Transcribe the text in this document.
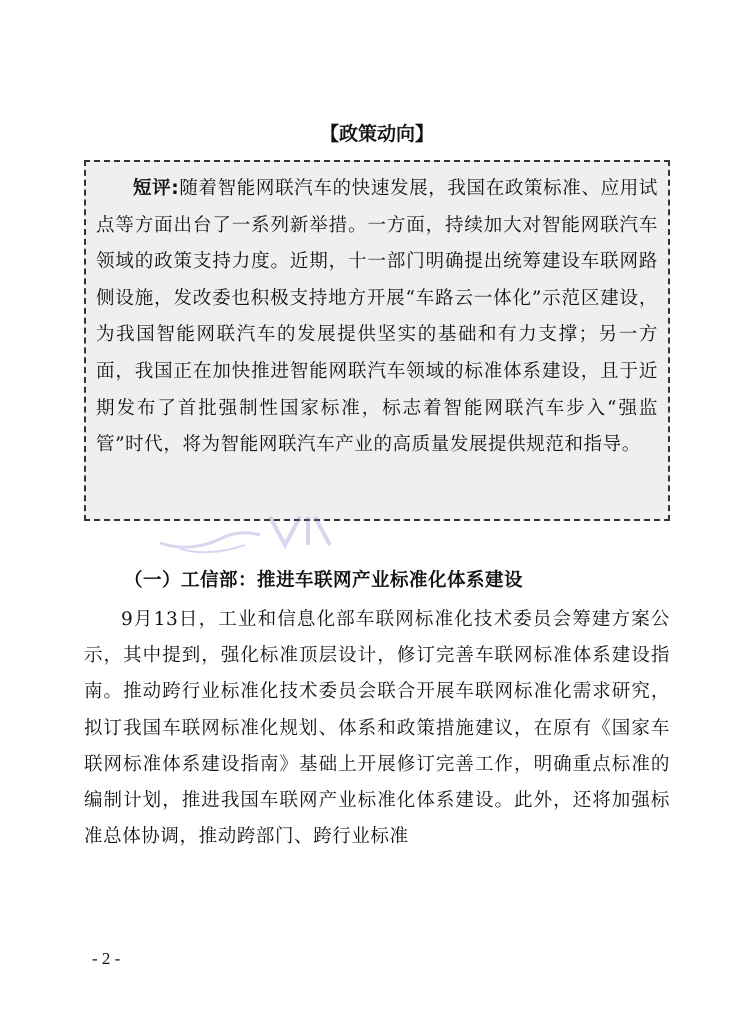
【政策动向】

短评:随着智能网联汽车的快速发展，我国在政策标准、应用试点等方面出台了一系列新举措。一方面，持续加大对智能网联汽车领域的政策支持力度。近期，十一部门明确提出统筹建设车联网路侧设施，发改委也积极支持地方开展“车路云一体化”示范区建设，为我国智能网联汽车的发展提供坚实的基础和有力支撑；另一方面，我国正在加快推进智能网联汽车领域的标准体系建设，且于近期发布了首批强制性国家标准，标志着智能网联汽车步入“强监管”时代，将为智能网联汽车产业的高质量发展提供规范和指导。

（一）工信部：推进车联网产业标准化体系建设

9月13日，工业和信息化部车联网标准化技术委员会筹建方案公示，其中提到，强化标准顶层设计，修订完善车联网标准体系建设指南。推动跨行业标准化技术委员会联合开展车联网标准化需求研究，拟订我国车联网标准化规划、体系和政策措施建议，在原有《国家车联网标准体系建设指南》基础上开展修订完善工作，明确重点标准的编制计划，推进我国车联网产业标准化体系建设。此外，还将加强标准总体协调，推动跨部门、跨行业标准

- 2 -
